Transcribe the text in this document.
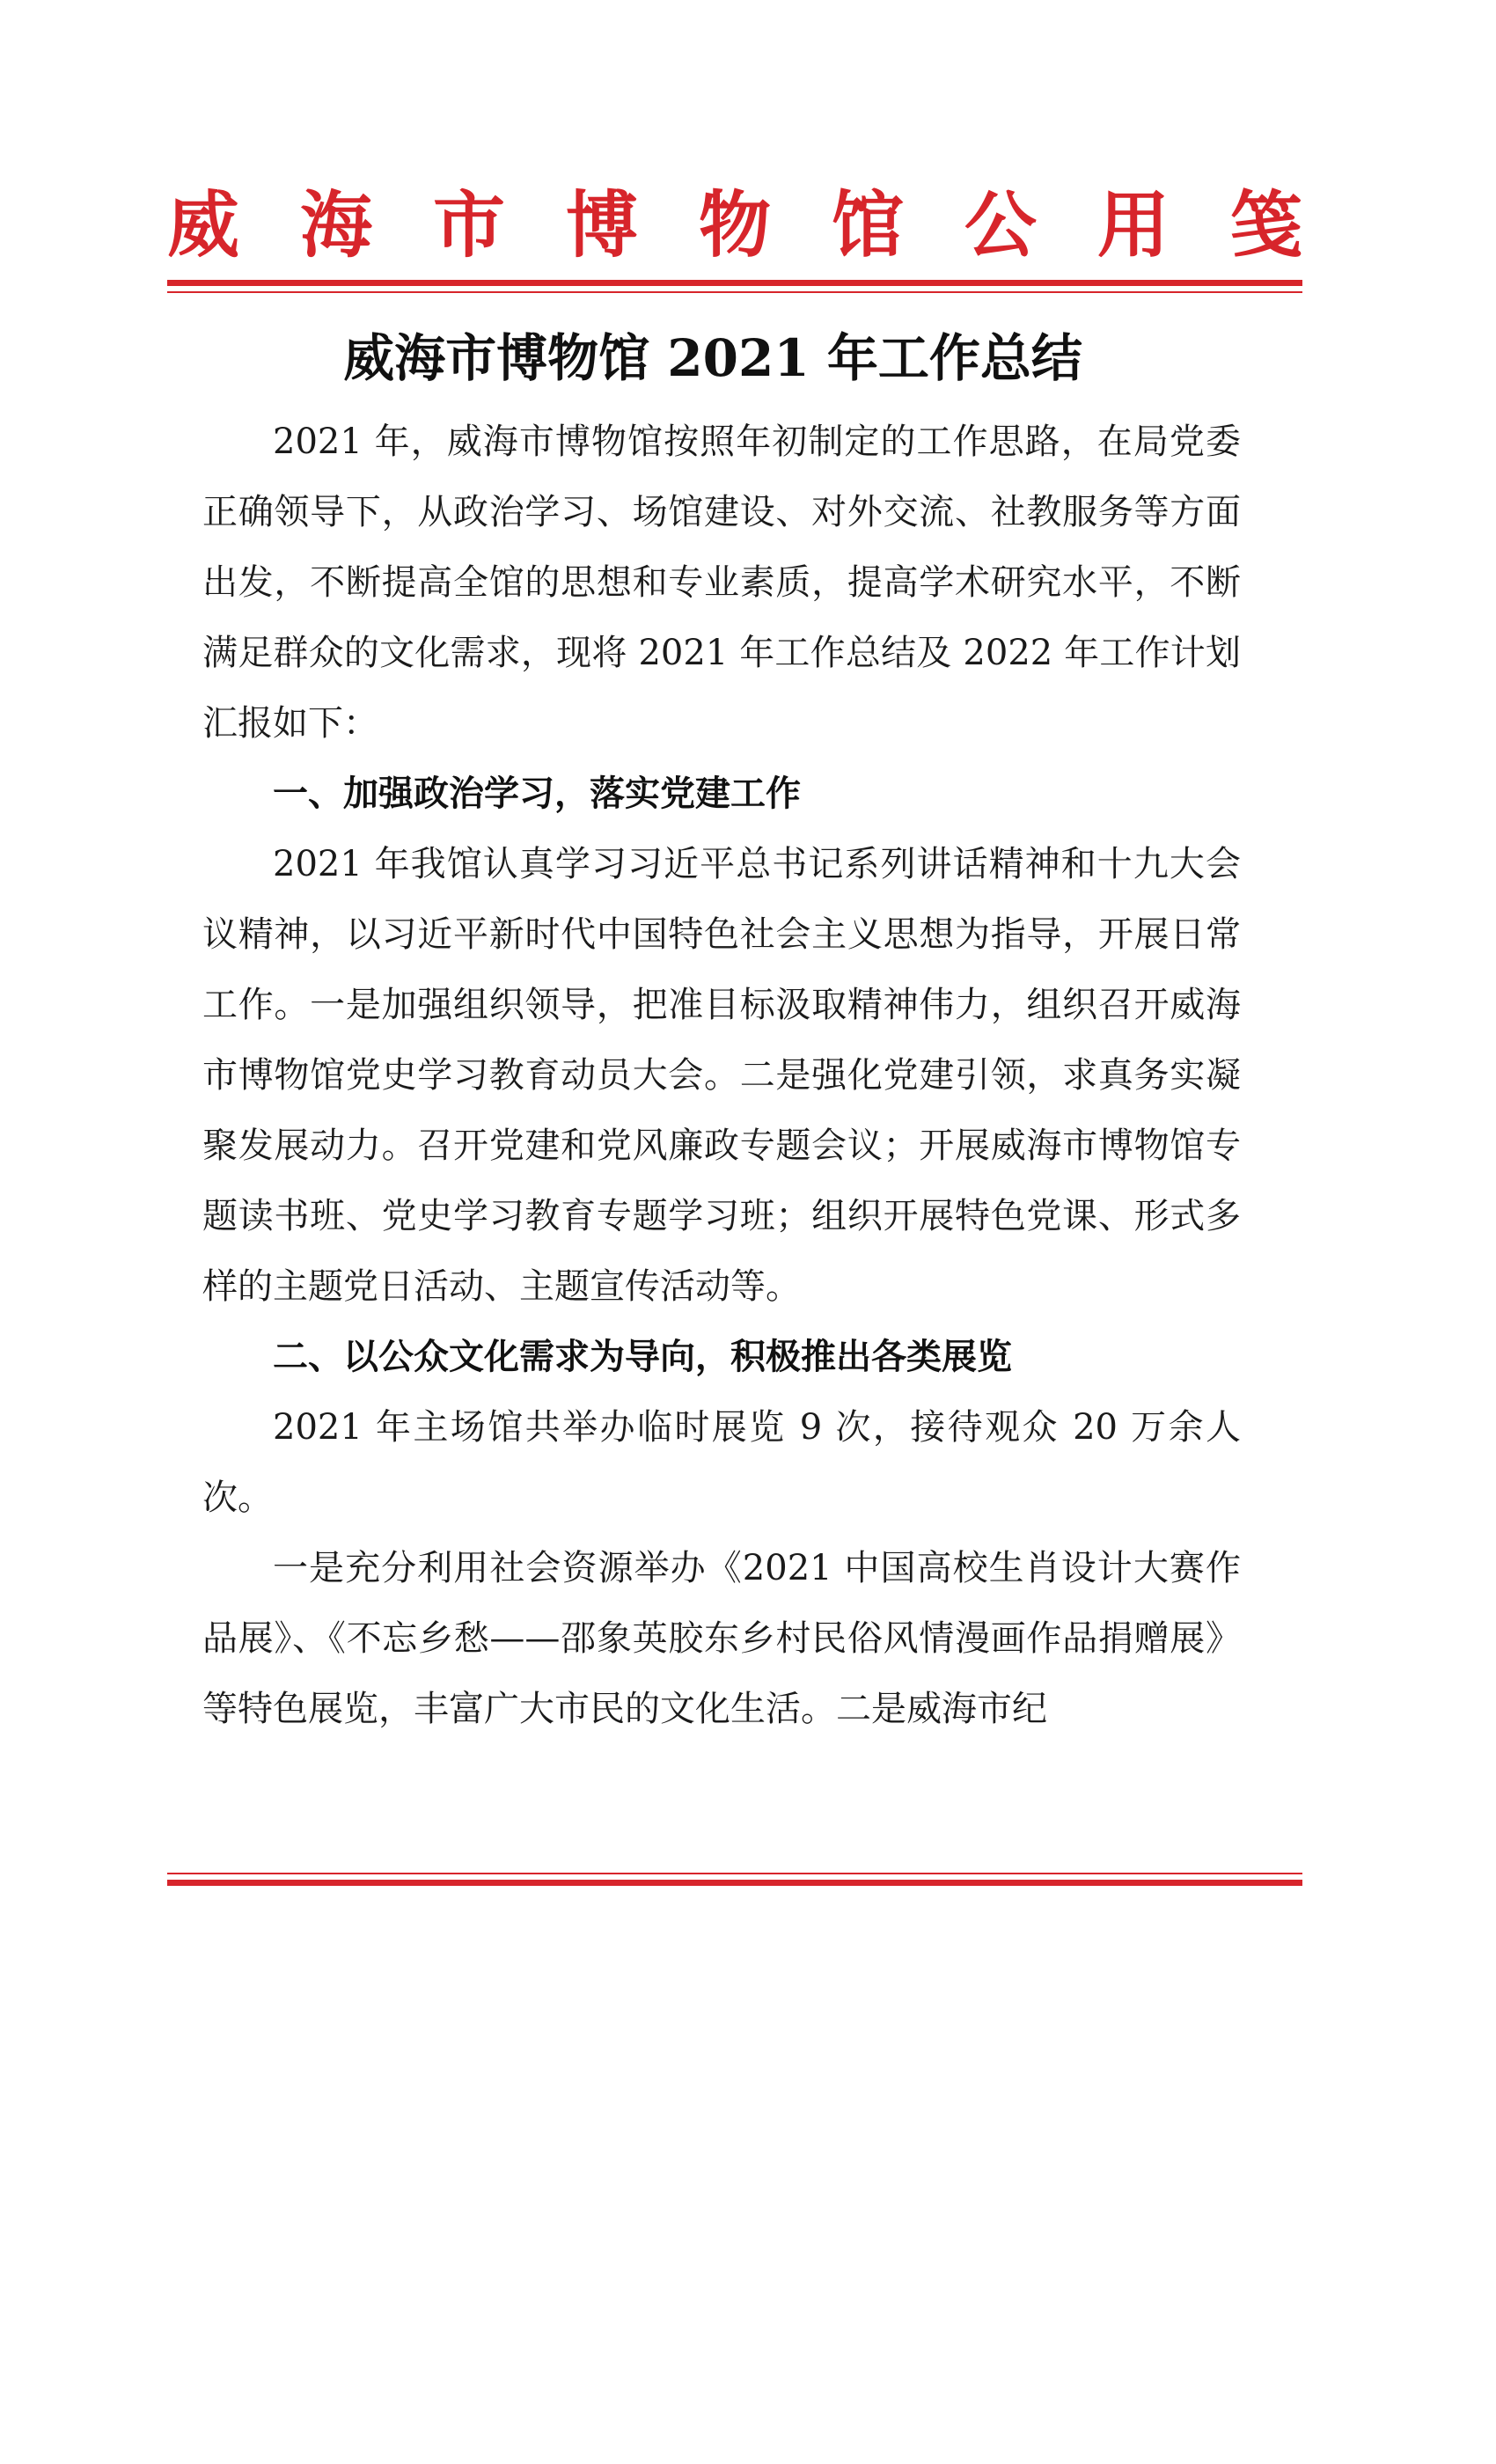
威 海 市 博 物 馆 公 用 笺
威海市博物馆 2021 年工作总结

2021 年，威海市博物馆按照年初制定的工作思路，在局党委正确领导下，从政治学习、场馆建设、对外交流、社教服务等方面出发，不断提高全馆的思想和专业素质，提高学术研究水平，不断满足群众的文化需求，现将 2021 年工作总结及 2022 年工作计划汇报如下：

一、加强政治学习，落实党建工作

2021 年我馆认真学习习近平总书记系列讲话精神和十九大会议精神，以习近平新时代中国特色社会主义思想为指导，开展日常工作。一是加强组织领导，把准目标汲取精神伟力，组织召开威海市博物馆党史学习教育动员大会。二是强化党建引领，求真务实凝聚发展动力。召开党建和党风廉政专题会议；开展威海市博物馆专题读书班、党史学习教育专题学习班；组织开展特色党课、形式多样的主题党日活动、主题宣传活动等。

二、以公众文化需求为导向，积极推出各类展览

2021 年主场馆共举办临时展览 9 次，接待观众 20 万余人次。

一是充分利用社会资源举办《2021 中国高校生肖设计大赛作品展》、《不忘乡愁——邵象英胶东乡村民俗风情漫画作品捐赠展》等特色展览，丰富广大市民的文化生活。二是威海市纪
